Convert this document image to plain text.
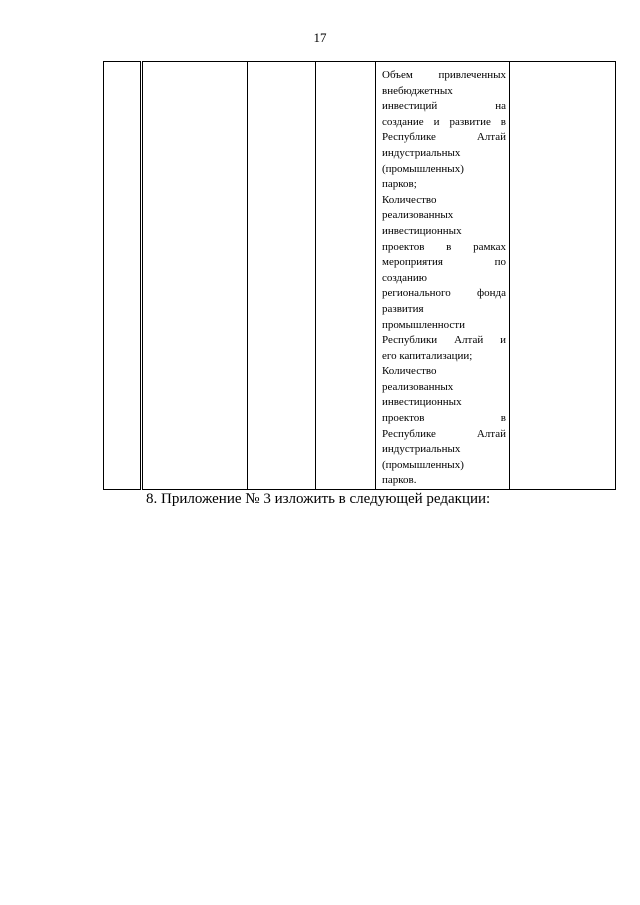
17

Объем привлеченных
внебюджетных
инвестиций на
создание и развитие в
Республике Алтай
индустриальных
(промышленных)
парков;
Количество
реализованных
инвестиционных
проектов в рамках
мероприятия по
созданию
регионального фонда
развития
промышленности
Республики Алтай и
его капитализации;
Количество
реализованных
инвестиционных
проектов в
Республике Алтай
индустриальных
(промышленных)
парков.

8. Приложение № 3 изложить в следующей редакции:
